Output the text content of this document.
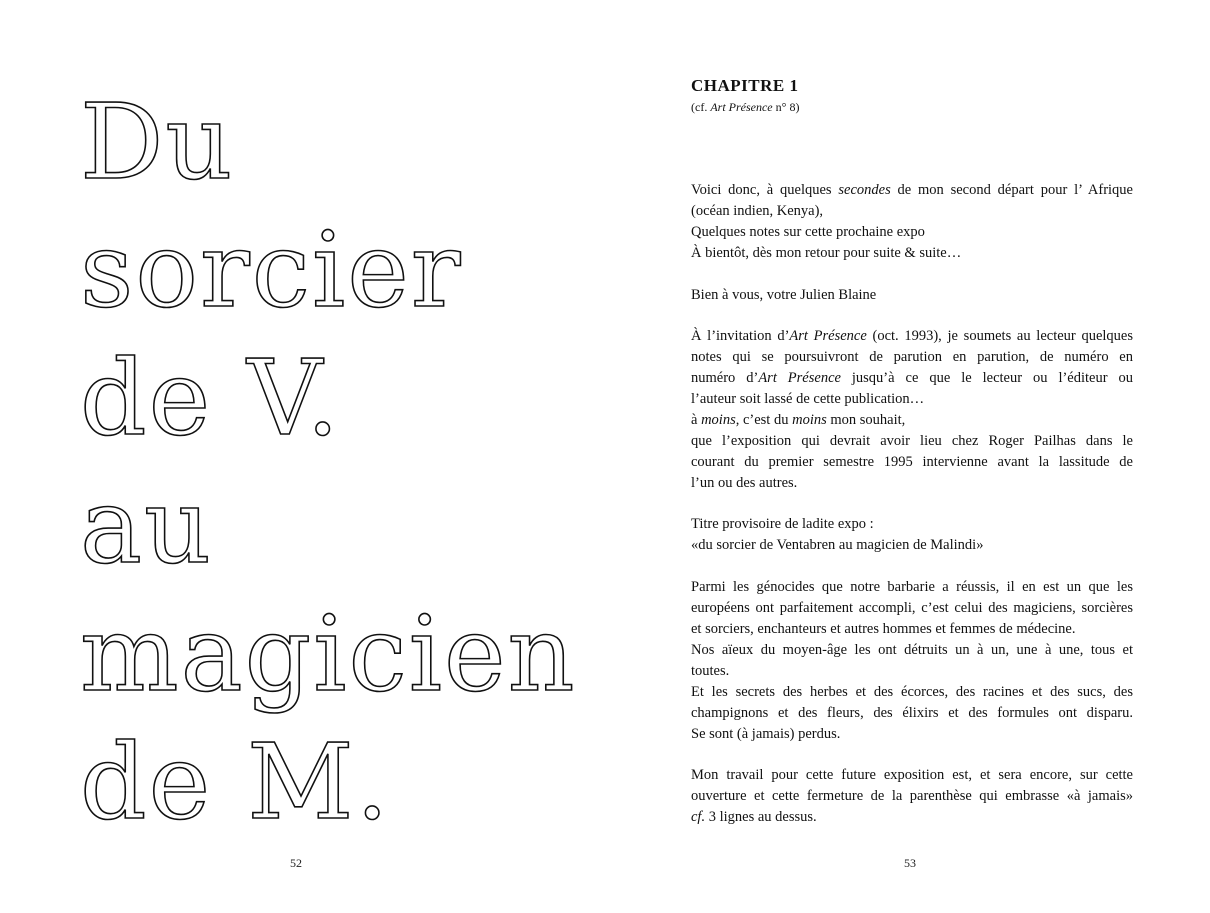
Du
sorcier
de V.
au
magicien
de M.
52
CHAPITRE 1
(cf. Art Présence n° 8)
Voici donc, à quelques secondes de mon second départ pour l’ Afrique
(océan indien, Kenya),
Quelques notes sur cette prochaine expo
À bientôt, dès mon retour pour suite & suite…
Bien à vous, votre Julien Blaine
À l’invitation d’Art Présence (oct. 1993), je soumets au lecteur quelques
notes qui se poursuivront de parution en parution, de numéro en
numéro d’Art Présence jusqu’à ce que le lecteur ou l’éditeur ou
l’auteur soit lassé de cette publication…
à moins, c’est du moins mon souhait,
que l’exposition qui devrait avoir lieu chez Roger Pailhas dans le
courant du premier semestre 1995 intervienne avant la lassitude de
l’un ou des autres.
Titre provisoire de ladite expo :
«du sorcier de Ventabren au magicien de Malindi»
Parmi les génocides que notre barbarie a réussis, il en est un que les
européens ont parfaitement accompli, c’est celui des magiciens, sorcières
et sorciers, enchanteurs et autres hommes et femmes de médecine.
Nos aïeux du moyen-âge les ont détruits un à un, une à une, tous et
toutes.
Et les secrets des herbes et des écorces, des racines et des sucs, des
champignons et des fleurs, des élixirs et des formules ont disparu.
Se sont (à jamais) perdus.
Mon travail pour cette future exposition est, et sera encore, sur cette
ouverture et cette fermeture de la parenthèse qui embrasse «à jamais»
cf. 3 lignes au dessus.
53
